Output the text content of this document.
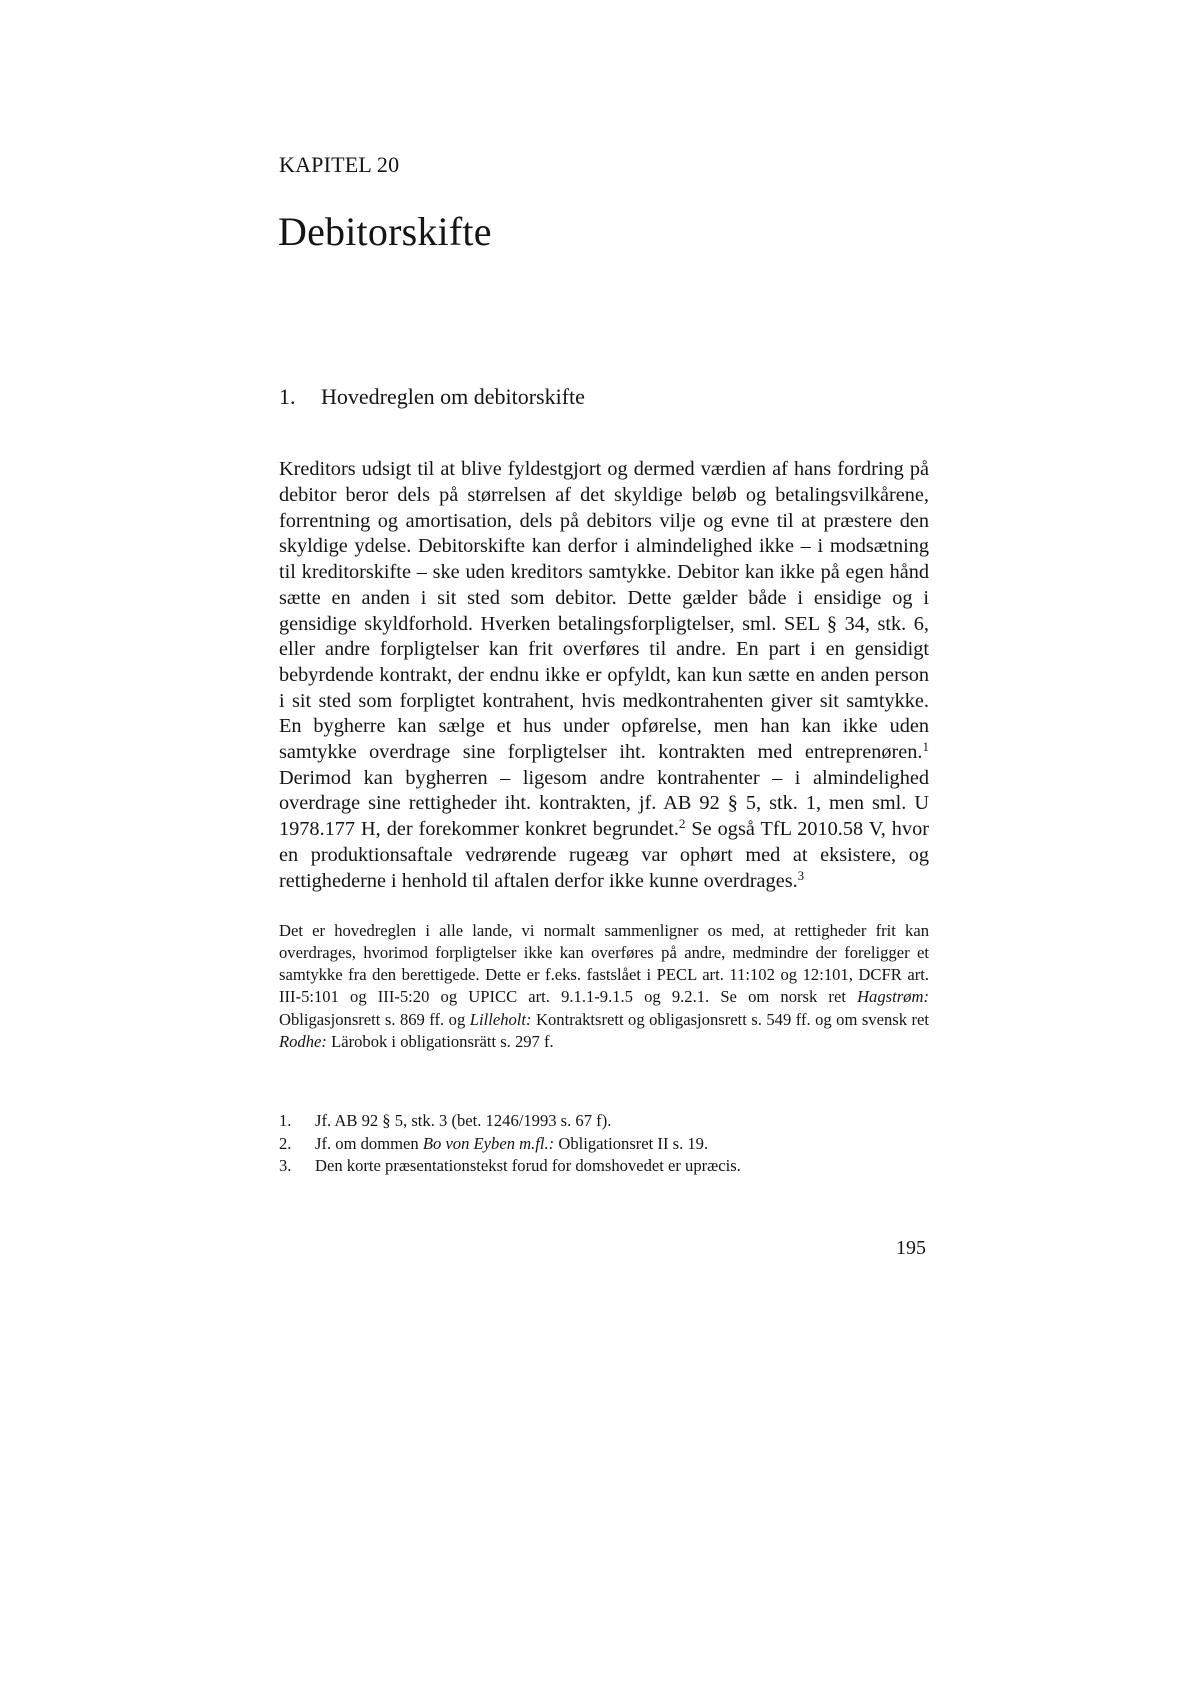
KAPITEL 20
Debitorskifte
1. Hovedreglen om debitorskifte

Kreditors udsigt til at blive fyldestgjort og dermed værdien af hans fordring på debitor beror dels på størrelsen af det skyldige beløb og betalingsvilkårene, forrentning og amortisation, dels på debitors vilje og evne til at præstere den skyldige ydelse. Debitorskifte kan derfor i almindelighed ikke – i modsætning til kreditorskifte – ske uden kreditors samtykke. Debitor kan ikke på egen hånd sætte en anden i sit sted som debitor. Dette gælder både i ensidige og i gensidige skyldforhold. Hverken betalingsforpligtelser, sml. SEL § 34, stk. 6, eller andre forpligtelser kan frit overføres til andre. En part i en gensidigt bebyrdende kontrakt, der endnu ikke er opfyldt, kan kun sætte en anden person i sit sted som forpligtet kontrahent, hvis medkontrahenten giver sit samtykke. En bygherre kan sælge et hus under opførelse, men han kan ikke uden samtykke overdrage sine forpligtelser iht. kontrakten med entreprenøren.$^1$ Derimod kan bygherren – ligesom andre kontrahenter – i almindelighed overdrage sine rettigheder iht. kontrakten, jf. AB 92 § 5, stk. 1, men sml. U 1978.177 H, der forekommer konkret begrundet.$^2$ Se også TfL 2010.58 V, hvor en produktionsaftale vedrørende rugeæg var ophørt med at eksistere, og rettighederne i henhold til aftalen derfor ikke kunne overdrages.$^3$

Det er hovedreglen i alle lande, vi normalt sammenligner os med, at rettigheder frit kan overdrages, hvorimod forpligtelser ikke kan overføres på andre, medmindre der foreligger et samtykke fra den berettigede. Dette er f.eks. fastslået i PECL art. 11:102 og 12:101, DCFR art. III-5:101 og III-5:20 og UPICC art. 9.1.1-9.1.5 og 9.2.1. Se om norsk ret Hagstrøm: Obligasjonsrett s. 869 ff. og Lilleholt: Kontraktsrett og obligasjonsrett s. 549 ff. og om svensk ret Rodhe: Lärobok i obligationsrätt s. 297 f.

1.	Jf. AB 92 § 5, stk. 3 (bet. 1246/1993 s. 67 f).
2.	Jf. om dommen Bo von Eyben m.fl.: Obligationsret II s. 19.
3.	Den korte præsentationstekst forud for domshovedet er upræcis.
195
